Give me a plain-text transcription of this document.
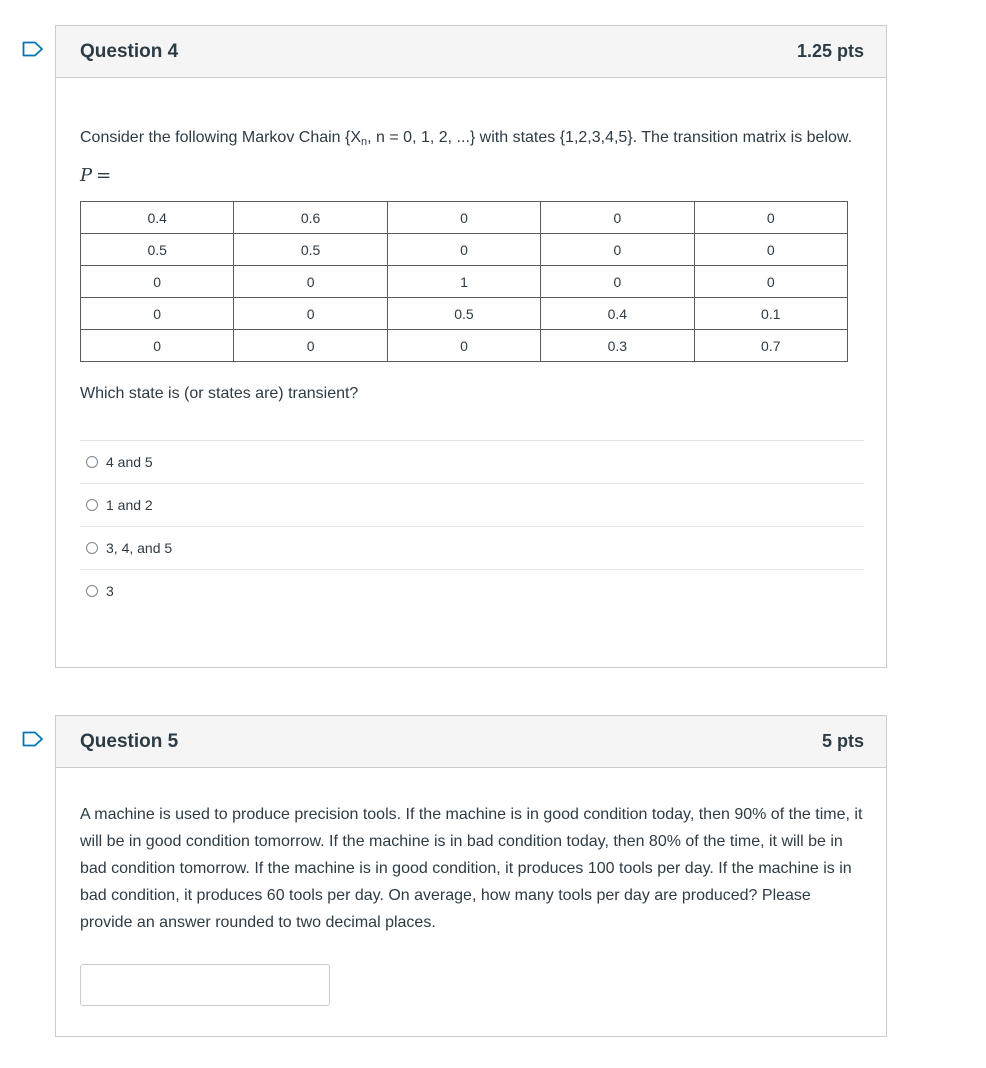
Question 4	1.25 pts
Consider the following Markov Chain {$X_n$, n = 0, 1, 2, ...} with states {1,2,3,4,5}. The transition matrix is below.
P =
0.4	0.6	0	0	0
0.5	0.5	0	0	0
0	0	1	0	0
0	0	0.5	0.4	0.1
0	0	0	0.3	0.7
Which state is (or states are) transient?
4 and 5
1 and 2
3, 4, and 5
3
Question 5	5 pts
A machine is used to produce precision tools. If the machine is in good condition today, then 90% of the time, it will be in good condition tomorrow. If the machine is in bad condition today, then 80% of the time, it will be in bad condition tomorrow. If the machine is in good condition, it produces 100 tools per day. If the machine is in bad condition, it produces 60 tools per day. On average, how many tools per day are produced? Please provide an answer rounded to two decimal places.
